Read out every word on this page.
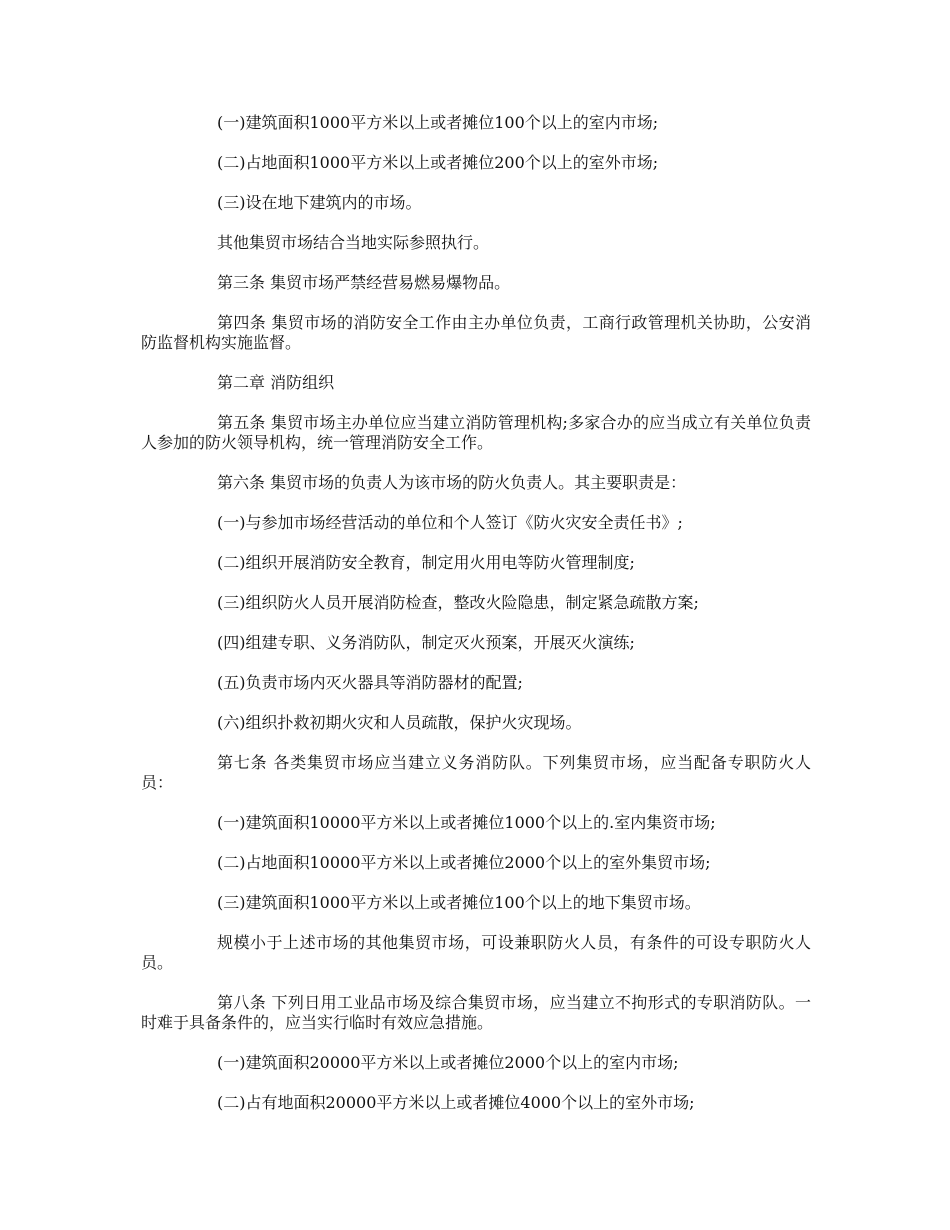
(一)建筑面积1000平方米以上或者摊位100个以上的室内市场;

(二)占地面积1000平方米以上或者摊位200个以上的室外市场;

(三)设在地下建筑内的市场。

其他集贸市场结合当地实际参照执行。

第三条 集贸市场严禁经营易燃易爆物品。

第四条 集贸市场的消防安全工作由主办单位负责，工商行政管理机关协助，公安消防监督机构实施监督。

第二章 消防组织

第五条 集贸市场主办单位应当建立消防管理机构;多家合办的应当成立有关单位负责人参加的防火领导机构，统一管理消防安全工作。

第六条 集贸市场的负责人为该市场的防火负责人。其主要职责是：

(一)与参加市场经营活动的单位和个人签订《防火灾安全责任书》;

(二)组织开展消防安全教育，制定用火用电等防火管理制度;

(三)组织防火人员开展消防检查，整改火险隐患，制定紧急疏散方案;

(四)组建专职、义务消防队，制定灭火预案，开展灭火演练;

(五)负责市场内灭火器具等消防器材的配置;

(六)组织扑救初期火灾和人员疏散，保护火灾现场。

第七条 各类集贸市场应当建立义务消防队。下列集贸市场，应当配备专职防火人员：

(一)建筑面积10000平方米以上或者摊位1000个以上的.室内集资市场;

(二)占地面积10000平方米以上或者摊位2000个以上的室外集贸市场;

(三)建筑面积1000平方米以上或者摊位100个以上的地下集贸市场。

规模小于上述市场的其他集贸市场，可设兼职防火人员，有条件的可设专职防火人员。

第八条 下列日用工业品市场及综合集贸市场，应当建立不拘形式的专职消防队。一时难于具备条件的，应当实行临时有效应急措施。

(一)建筑面积20000平方米以上或者摊位2000个以上的室内市场;

(二)占有地面积20000平方米以上或者摊位4000个以上的室外市场;
